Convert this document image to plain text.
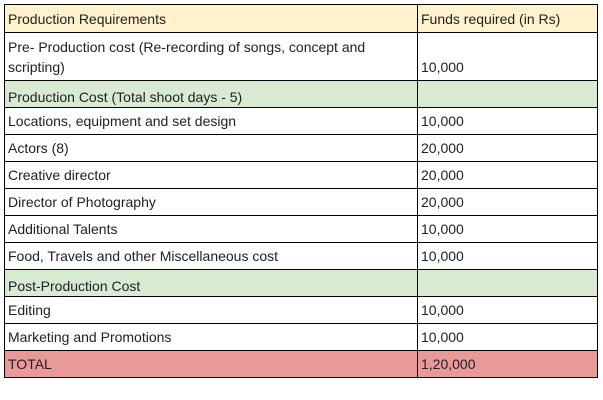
Production Requirements	Funds required (in Rs)
Pre- Production cost (Re-recording of songs, concept and scripting)	10,000
Production Cost (Total shoot days - 5)	
Locations, equipment and set design	10,000
Actors (8)	20,000
Creative director	20,000
Director of Photography	20,000
Additional Talents	10,000
Food, Travels and other Miscellaneous cost	10,000
Post-Production Cost	
Editing	10,000
Marketing and Promotions	10,000
TOTAL	1,20,000
